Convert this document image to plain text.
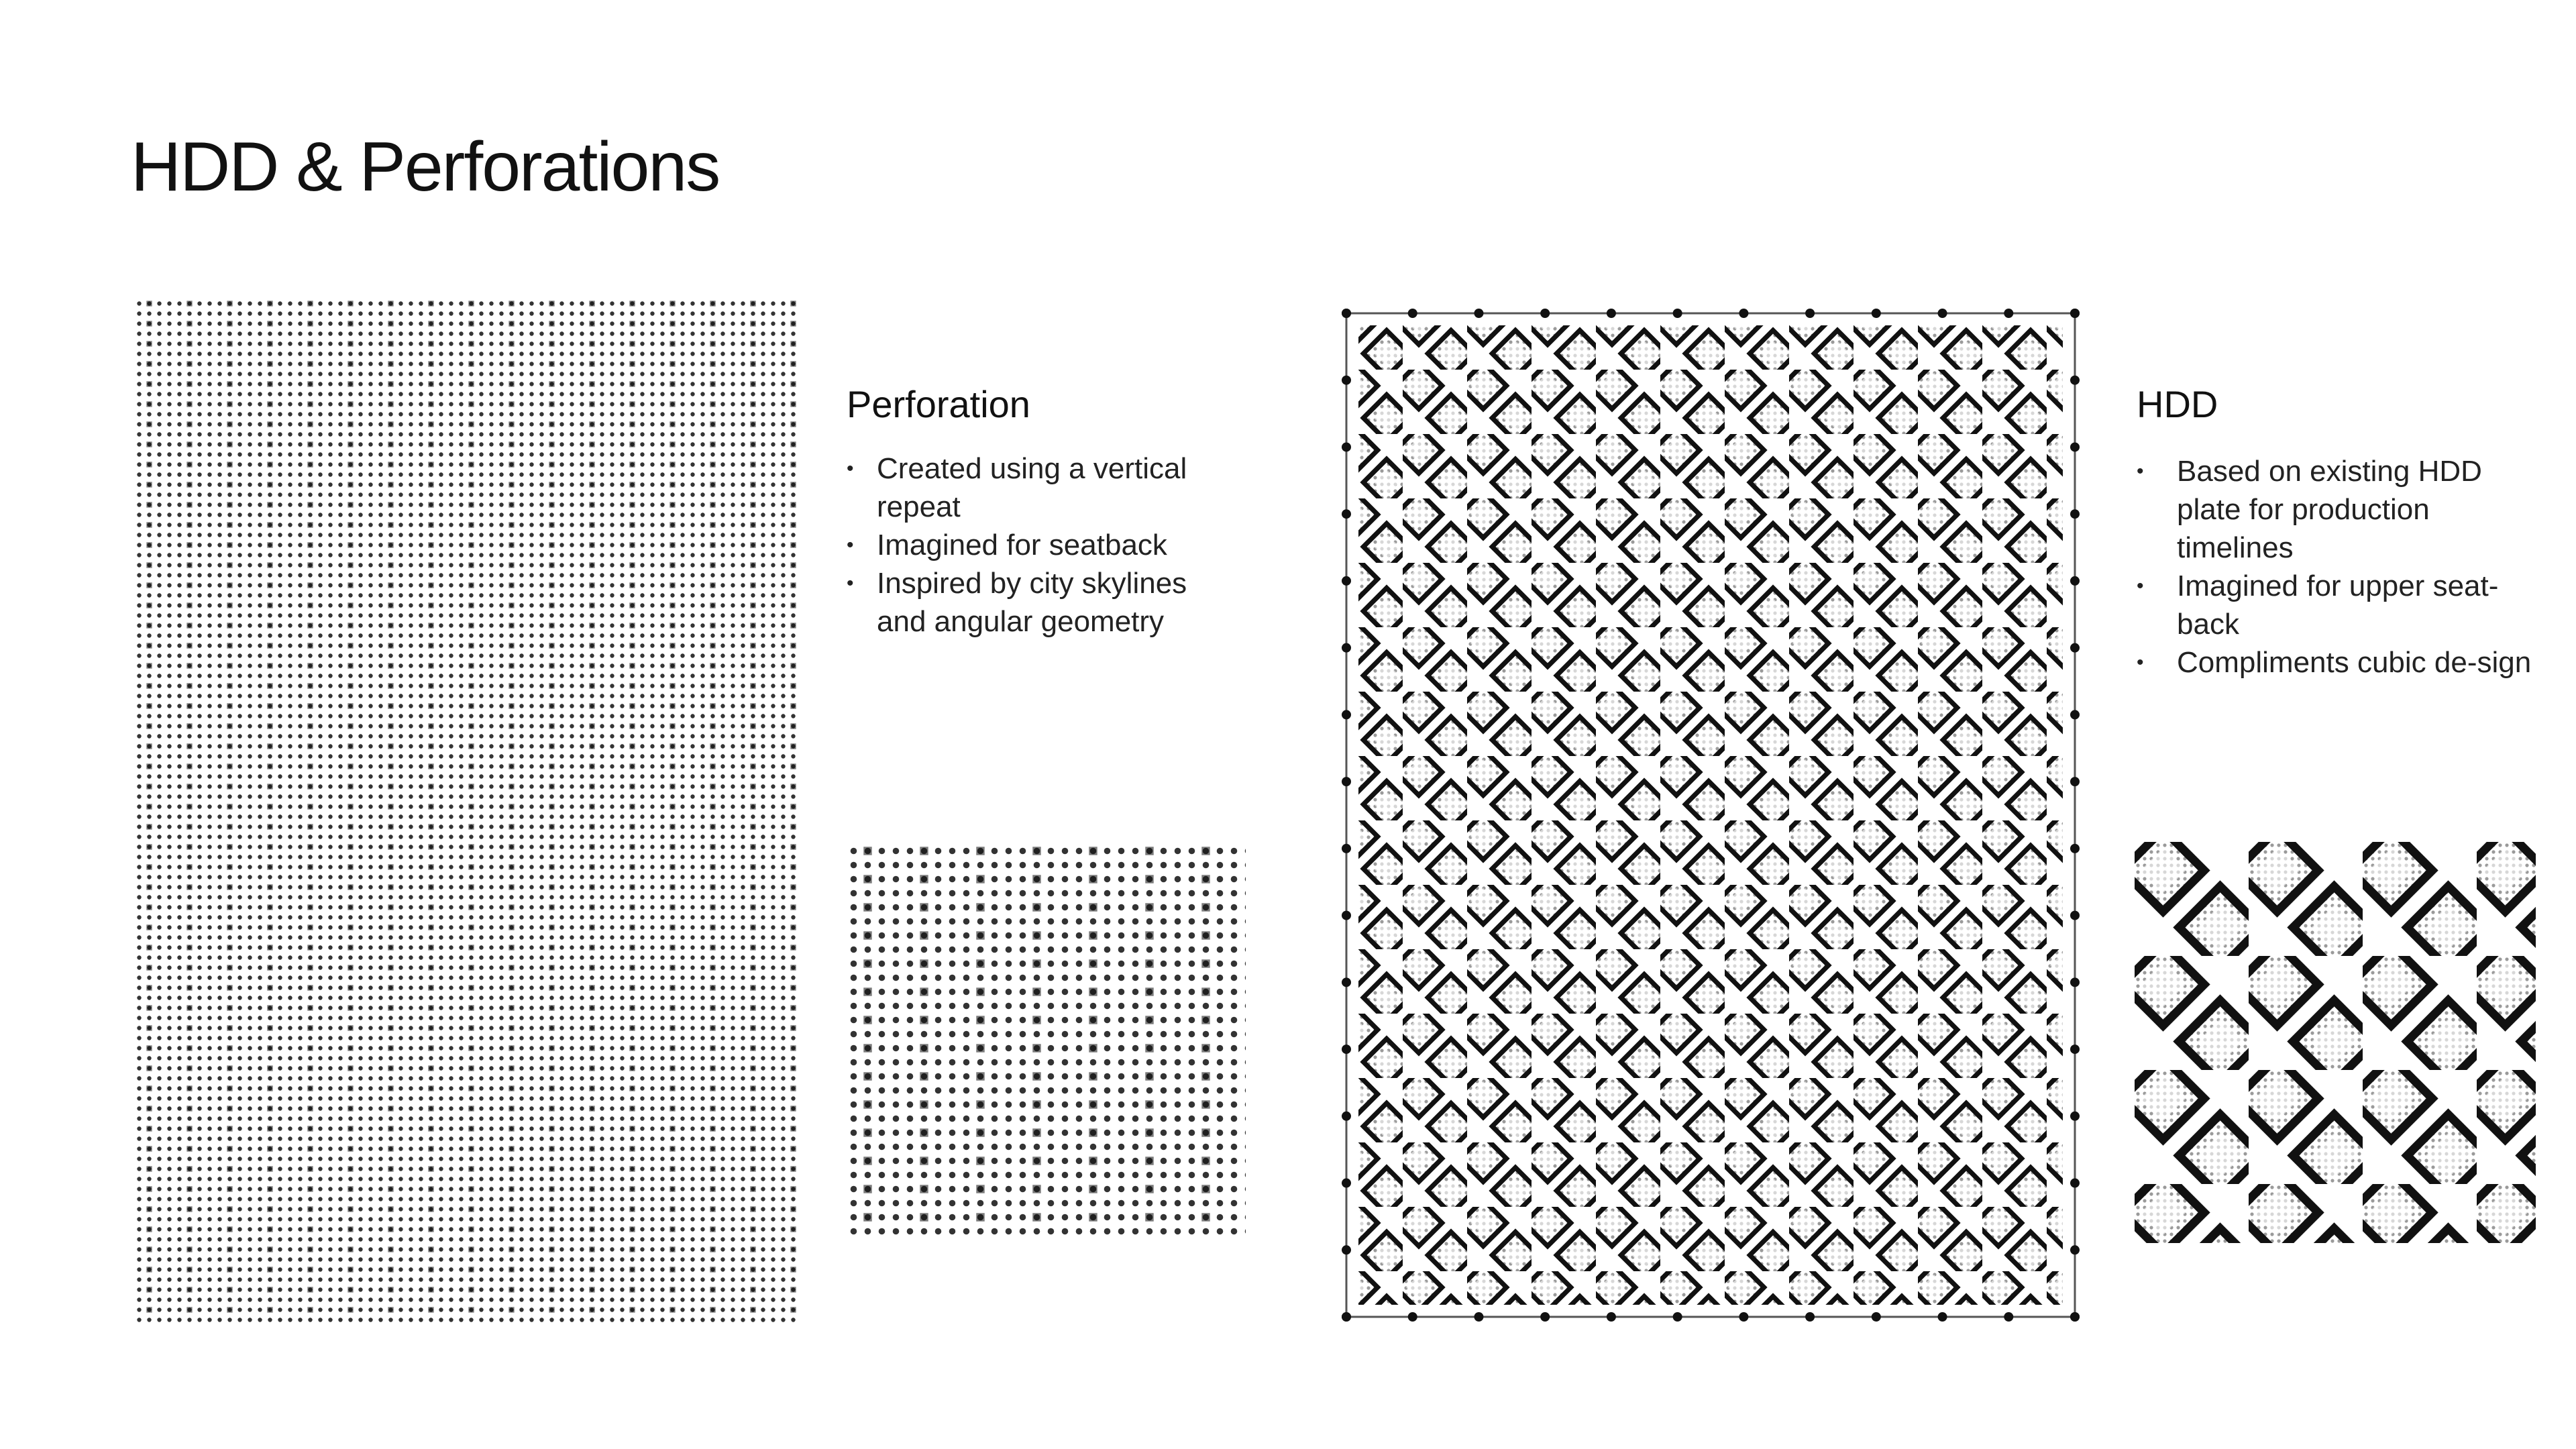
HDD & Perforations
Perforation
• Created using a vertical repeat
• Imagined for seatback
• Inspired by city skylines and angular geometry
HDD
• Based on existing HDD plate for production timelines
• Imagined for upper seat-back
• Compliments cubic de-sign
